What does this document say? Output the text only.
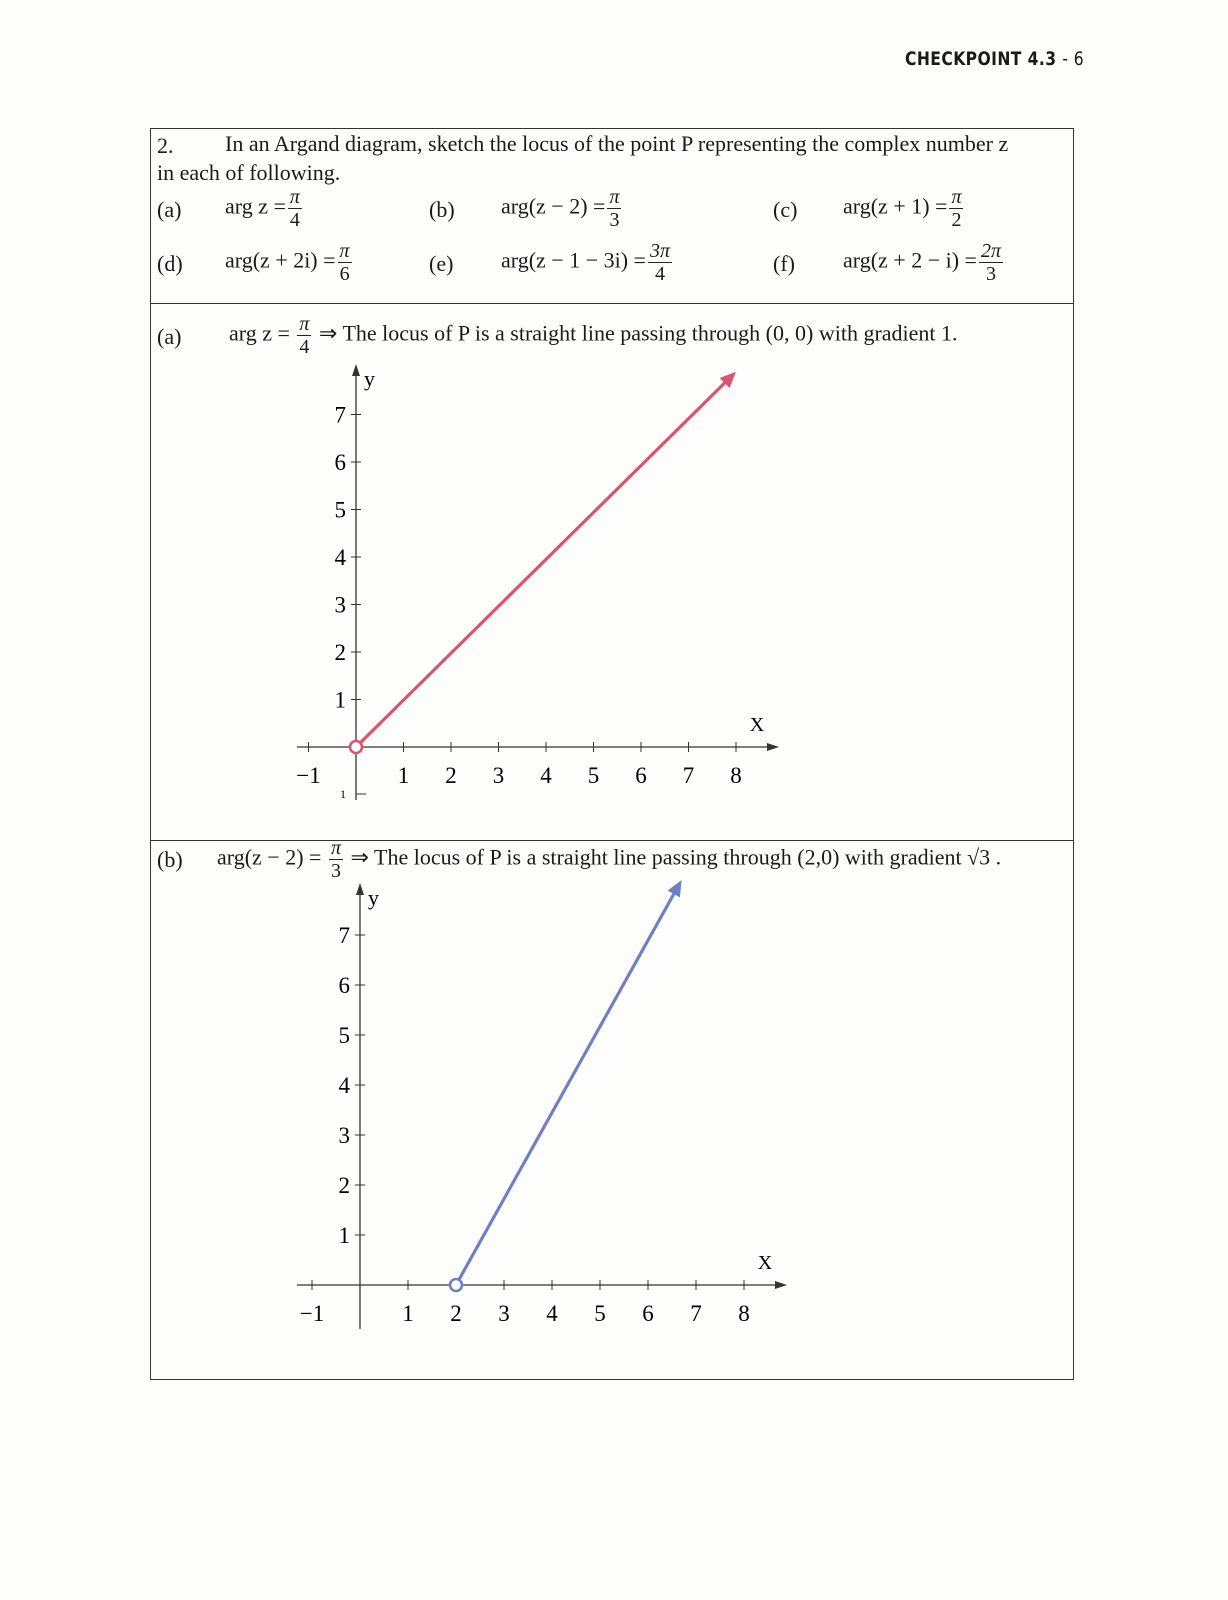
CHECKPOINT 4.3 - 6
2. In an Argand diagram, sketch the locus of the point P representing the complex number z
in each of following.
(a) arg $z = \frac{\pi}{4}$	(b) $arg(z - 2) = \frac{\pi}{3}$	(c) $arg(z + 1) = \frac{\pi}{2}$
(d) $arg(z + 2i) = \frac{\pi}{6}$	(e) $arg(z - 1 - 3i) = \frac{3\pi}{4}$	(f) $arg(z + 2 - i) = \frac{2\pi}{3}$
(a) arg $z = \frac{\pi}{4}$ ⇒ The locus of P is a straight line passing through (0, 0) with gradient 1.
X
y
−1	1 2 3 4 5 6 7 8
1
2
3
4
5
6
7
1
(b) $arg(z - 2) = \frac{\pi}{3}$ ⇒ The locus of P is a straight line passing through (2,0) with gradient √3 .
X
y
−1	1 2 3 4 5 6 7 8
1
2
3
4
5
6
7
